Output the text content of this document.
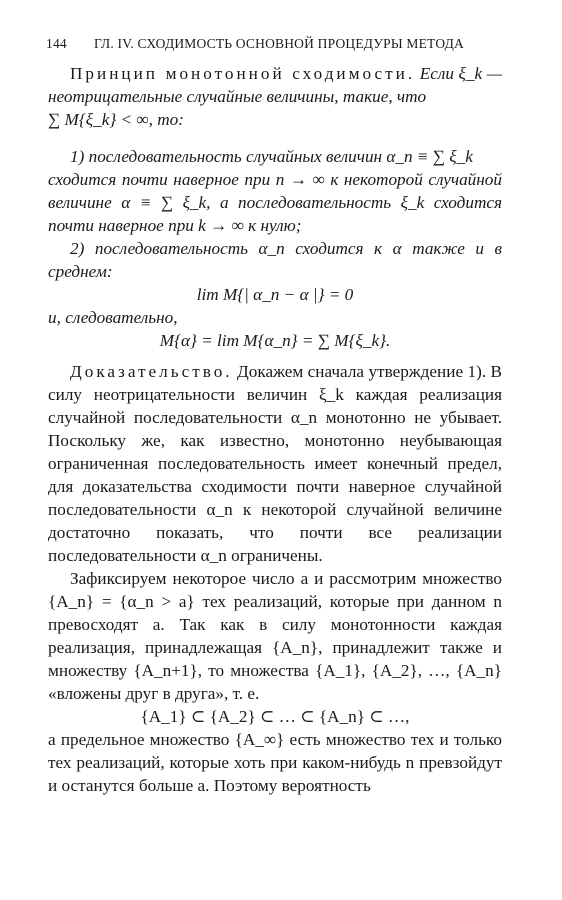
144 ГЛ. IV. СХОДИМОСТЬ ОСНОВНОЙ ПРОЦЕДУРЫ МЕТОДА

Принцип монотонной сходимости. Если ξ_k — неотрицательные случайные величины, такие, что

∑ M{ξ_k} < ∞, то:

1) последовательность случайных величин α_n ≡ ∑ ξ_k

сходится почти наверное при n → ∞ к некоторой случайной величине α ≡ ∑ ξ_k, а последовательность ξ_k сходится почти наверное при k → ∞ к нулю;

2) последовательность α_n сходится к α также и в среднем:

lim M{| α_n − α |} = 0

и, следовательно,

M{α} = lim M{α_n} = ∑ M{ξ_k}.

Доказательство. Докажем сначала утверждение 1). В силу неотрицательности величин ξ_k каждая реализация случайной последовательности α_n монотонно не убывает. Поскольку же, как известно, монотонно неубывающая ограниченная последовательность имеет конечный предел, для доказательства сходимости почти наверное случайной последовательности α_n к некоторой случайной величине достаточно показать, что почти все реализации последовательности α_n ограничены.

Зафиксируем некоторое число a и рассмотрим множество {A_n} = {α_n > a} тех реализаций, которые при данном n превосходят a. Так как в силу монотонности каждая реализация, принадлежащая {A_n}, принадлежит также и множеству {A_n+1}, то множества {A_1}, {A_2}, …, {A_n} «вложены друг в друга», т. е.

{A_1} ⊂ {A_2} ⊂ … ⊂ {A_n} ⊂ …,

а предельное множество {A_∞} есть множество тех и только тех реализаций, которые хоть при каком-нибудь n превзойдут и останутся больше a. Поэтому вероятность
